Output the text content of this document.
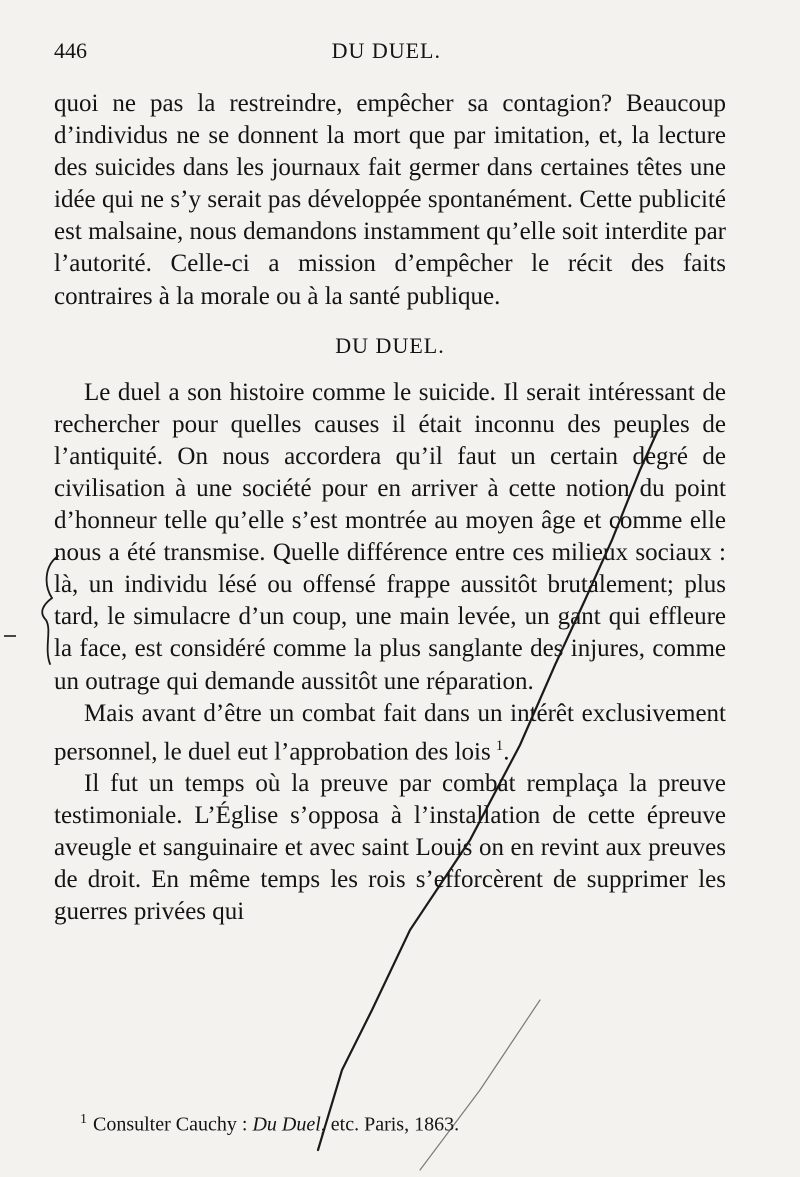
446	DU DUEL.

quoi ne pas la restreindre, empêcher sa contagion? Beaucoup d’individus ne se donnent la mort que par imitation, et, la lecture des suicides dans les journaux fait germer dans certaines têtes une idée qui ne s’y serait pas développée spontanément. Cette publicité est malsaine, nous demandons instamment qu’elle soit interdite par l’autorité. Celle-ci a mission d’empêcher le récit des faits contraires à la morale ou à la santé publique.

DU DUEL.

Le duel a son histoire comme le suicide. Il serait intéressant de rechercher pour quelles causes il était inconnu des peuples de l’antiquité. On nous accordera qu’il faut un certain degré de civilisation à une société pour en arriver à cette notion du point d’honneur telle qu’elle s’est montrée au moyen âge et comme elle nous a été transmise. Quelle différence entre ces milieux sociaux : là, un individu lésé ou offensé frappe aussitôt brutalement; plus tard, le simulacre d’un coup, une main levée, un gant qui effleure la face, est considéré comme la plus sanglante des injures, comme un outrage qui demande aussitôt une réparation.

Mais avant d’être un combat fait dans un intérêt exclusivement personnel, le duel eut l’approbation des lois  $^1$.

Il fut un temps où la preuve par combat remplaça la preuve testimoniale. L’Église s’opposa à l’installation de cette épreuve aveugle et sanguinaire et avec saint Louis on en revint aux preuves de droit. En même temps les rois s’efforcèrent de supprimer les guerres privées qui

$^1$ Consulter Cauchy : Du Duel, etc. Paris, 1863.
